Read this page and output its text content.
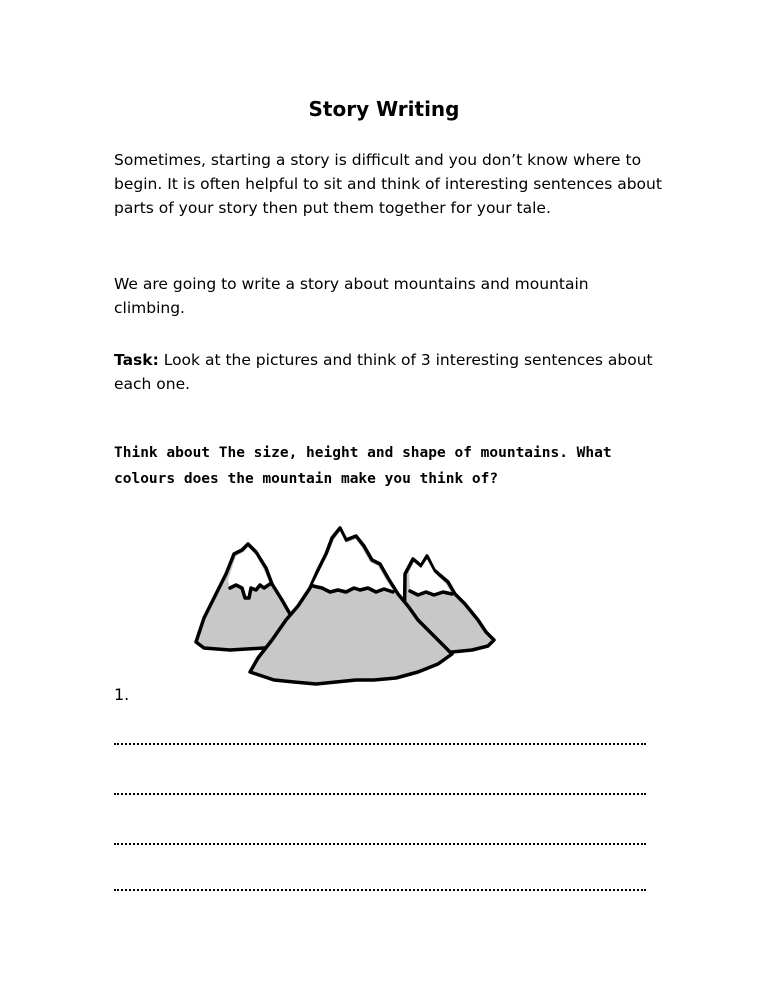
Story Writing
Sometimes, starting a story is difficult and you don’t know where to begin. It is often helpful to sit and think of interesting sentences about parts of your story then put them together for your tale.
We are going to write a story about mountains and mountain climbing.
Task: Look at the pictures and think of 3 interesting sentences about each one.
Think about The size, height and shape of mountains. What colours does the mountain make you think of?
1.
